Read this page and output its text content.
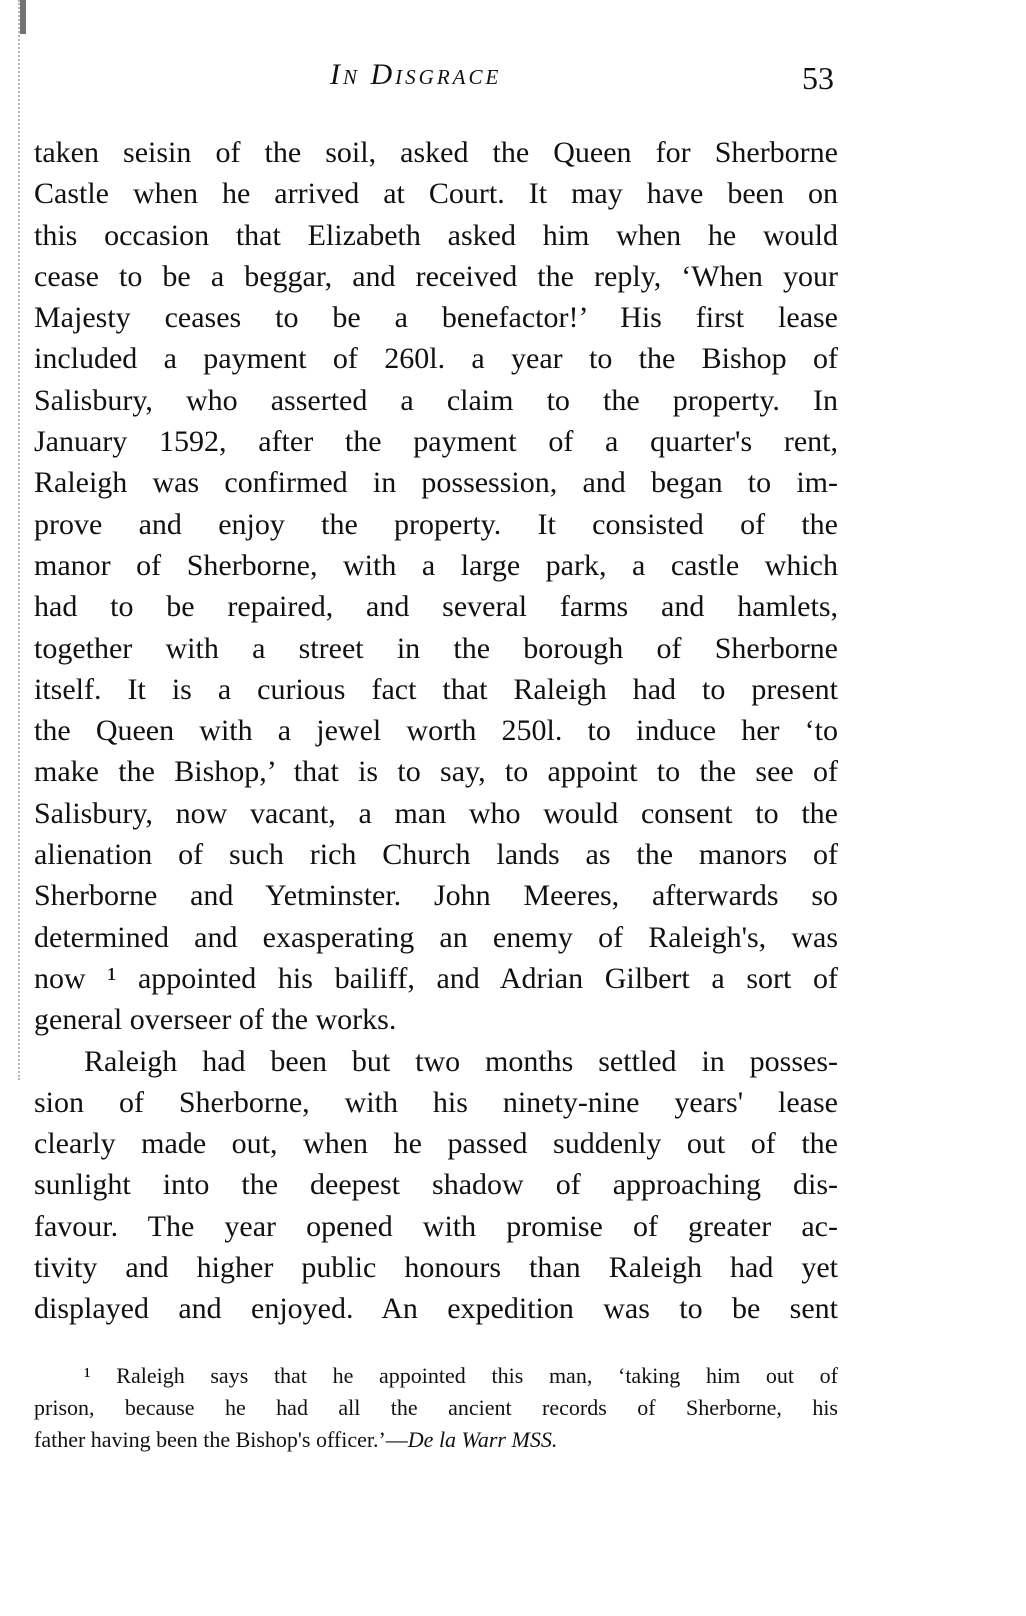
In Disgrace	53
taken seisin of the soil, asked the Queen for Sherborne
Castle when he arrived at Court. It may have been on
this occasion that Elizabeth asked him when he would
cease to be a beggar, and received the reply, ‘When your
Majesty ceases to be a benefactor!’ His first lease
included a payment of 260l. a year to the Bishop of
Salisbury, who asserted a claim to the property. In
January 1592, after the payment of a quarter's rent,
Raleigh was confirmed in possession, and began to im-
prove and enjoy the property. It consisted of the
manor of Sherborne, with a large park, a castle which
had to be repaired, and several farms and hamlets,
together with a street in the borough of Sherborne
itself. It is a curious fact that Raleigh had to present
the Queen with a jewel worth 250l. to induce her ‘to
make the Bishop,’ that is to say, to appoint to the see of
Salisbury, now vacant, a man who would consent to the
alienation of such rich Church lands as the manors of
Sherborne and Yetminster. John Meeres, afterwards so
determined and exasperating an enemy of Raleigh's, was
now ¹ appointed his bailiff, and Adrian Gilbert a sort of
general overseer of the works.
Raleigh had been but two months settled in posses-
sion of Sherborne, with his ninety-nine years' lease
clearly made out, when he passed suddenly out of the
sunlight into the deepest shadow of approaching dis-
favour. The year opened with promise of greater ac-
tivity and higher public honours than Raleigh had yet
displayed and enjoyed. An expedition was to be sent
¹ Raleigh says that he appointed this man, ‘taking him out of
prison, because he had all the ancient records of Sherborne, his
father having been the Bishop's officer.’—De la Warr MSS.
